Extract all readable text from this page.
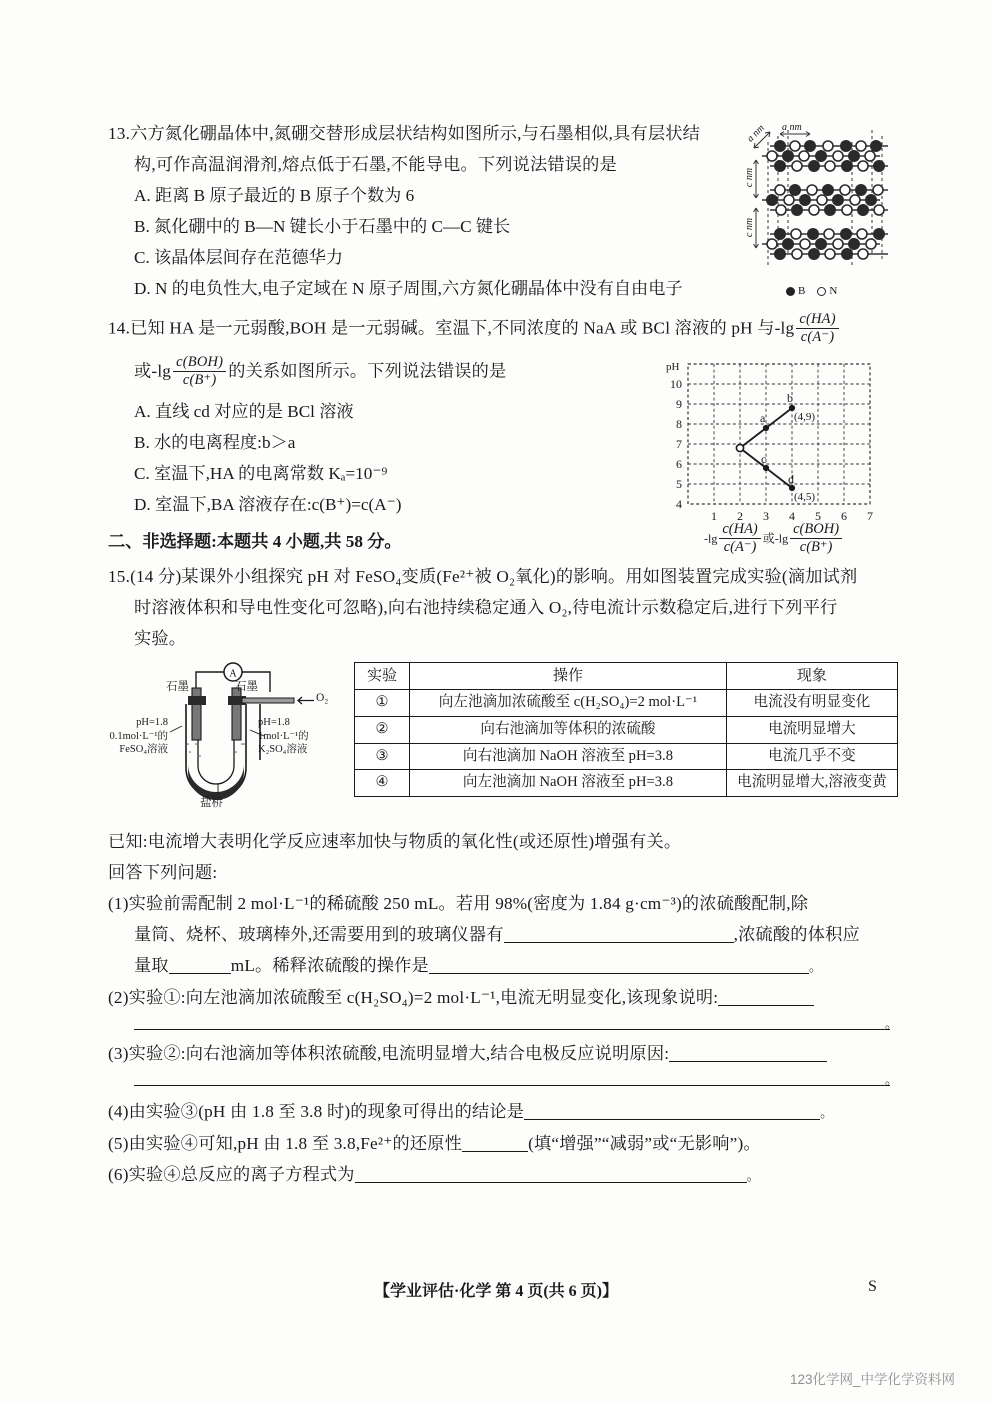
13.六方氮化硼晶体中,氮硼交替形成层状结构如图所示,与石墨相似,具有层状结
构,可作高温润滑剂,熔点低于石墨,不能导电。下列说法错误的是
A. 距离 B 原子最近的 B 原子个数为 6
B. 氮化硼中的 B—N 键长小于石墨中的 C—C 键长
C. 该晶体层间存在范德华力
D. N 的电负性大,电子定域在 N 原子周围,六方氮化硼晶体中没有自由电子
a nm
a nm
c nm
c nm
B N
14.已知 HA 是一元弱酸,BOH 是一元弱碱。室温下,不同浓度的 NaA 或 BCl 溶液的 pH 与$-\lg \frac{c(HA)}{c(A^-)}$
或$-\lg \frac{\text{c(BOH)}}{c(B^+)}$ 的关系如图所示。下列说法错误的是
A. 直线 cd 对应的是 BCl 溶液
B. 水的电离程度:b＞a
C. 室温下,HA 的电离常数 Kₐ=10⁻⁹
D. 室温下,BA 溶液存在:c(B⁺)=c(A⁻)
10
9
8
7
6
5
4
1 2 3 4 5 6 7
pH
a
b
c
d
(4,9)
(4,5)
$-\lg \frac{c(HA)}{c(A^-)}$ 或$-\lg \frac{\text{c(BOH)}}{c(B^+)}$
二、非选择题:本题共 4 小题,共 58 分。
15.(14 分)某课外小组探究 pH 对 FeSO₄变质(Fe²⁺被 O₂氧化)的影响。用如图装置完成实验(滴加试剂
时溶液体积和导电性变化可忽略),向右池持续稳定通入 O₂,待电流计示数稳定后,进行下列平行
实验。
A
石墨	石墨
O₂
pH=1.8
0.1mol·L⁻¹的
FeSO₄溶液
pH=1.8
1mol·L⁻¹的
K₂SO₄溶液
盐桥
实验	操作	现象
①	向左池滴加浓硫酸至 c(H₂SO₄)=2 mol·L⁻¹	电流没有明显变化
②	向右池滴加等体积的浓硫酸	电流明显增大
③	向右池滴加 NaOH 溶液至 pH=3.8	电流几乎不变
④	向左池滴加 NaOH 溶液至 pH=3.8	电流明显增大,溶液变黄
已知:电流增大表明化学反应速率加快与物质的氧化性(或还原性)增强有关。
回答下列问题:
(1)实验前需配制 2 mol·L⁻¹的稀硫酸 250 mL。若用 98%(密度为 1.84 g·cm⁻³)的浓硫酸配制,除
量筒、烧杯、玻璃棒外,还需要用到的玻璃仪器有	,浓硫酸的体积应
量取	mL。稀释浓硫酸的操作是	。
(2)实验①:向左池滴加浓硫酸至 c(H₂SO₄)=2 mol·L⁻¹,电流无明显变化,该现象说明:
。
(3)实验②:向右池滴加等体积浓硫酸,电流明显增大,结合电极反应说明原因:
。
(4)由实验③(pH 由 1.8 至 3.8 时)的现象可得出的结论是	。
(5)由实验④可知,pH 由 1.8 至 3.8,Fe²⁺的还原性	(填“增强”“减弱”或“无影响”)。
(6)实验④总反应的离子方程式为	。
【学业评估·化学 第 4 页(共 6 页)】	S
123化学网_中学化学资料网
